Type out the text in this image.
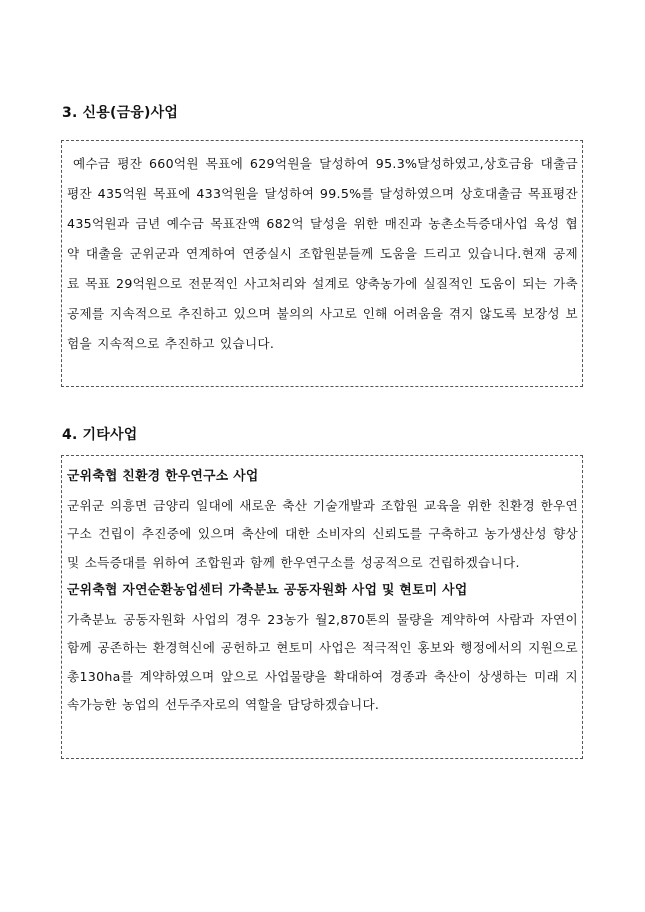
3. 신용(금융)사업

예수금 평잔 660억원 목표에 629억원을 달성하여 95.3%달성하였고,상호금융 대출금 평잔 435억원 목표에 433억원을 달성하여 99.5%를 달성하였으며 상호대출금 목표평잔 435억원과 금년 예수금 목표잔액 682억 달성을 위한 매진과 농촌소득증대사업 육성 협약 대출을 군위군과 연계하여 연중실시 조합원분들께 도움을 드리고 있습니다.현재 공제료 목표 29억원으로 전문적인 사고처리와 설계로 양축농가에 실질적인 도움이 되는 가축공제를 지속적으로 추진하고 있으며 불의의 사고로 인해 어려움을 겪지 않도록 보장성 보험을 지속적으로 추진하고 있습니다.

4. 기타사업

군위축협 친환경 한우연구소 사업

군위군 의흥면 금양리 일대에 새로운 축산 기술개발과 조합원 교육을 위한 친환경 한우연구소 건립이 추진중에 있으며 축산에 대한 소비자의 신뢰도를 구축하고 농가생산성 향상 및 소득증대를 위하여 조합원과 함께 한우연구소를 성공적으로 건립하겠습니다.

군위축협 자연순환농업센터 가축분뇨 공동자원화 사업 및 현토미 사업

가축분뇨 공동자원화 사업의 경우 23농가 월2,870톤의 물량을 계약하여 사람과 자연이 함께 공존하는 환경혁신에 공헌하고 현토미 사업은 적극적인 홍보와 행정에서의 지원으로 총130ha를 계약하였으며 앞으로 사업물량을 확대하여 경종과 축산이 상생하는 미래 지속가능한 농업의 선두주자로의 역할을 담당하겠습니다.
